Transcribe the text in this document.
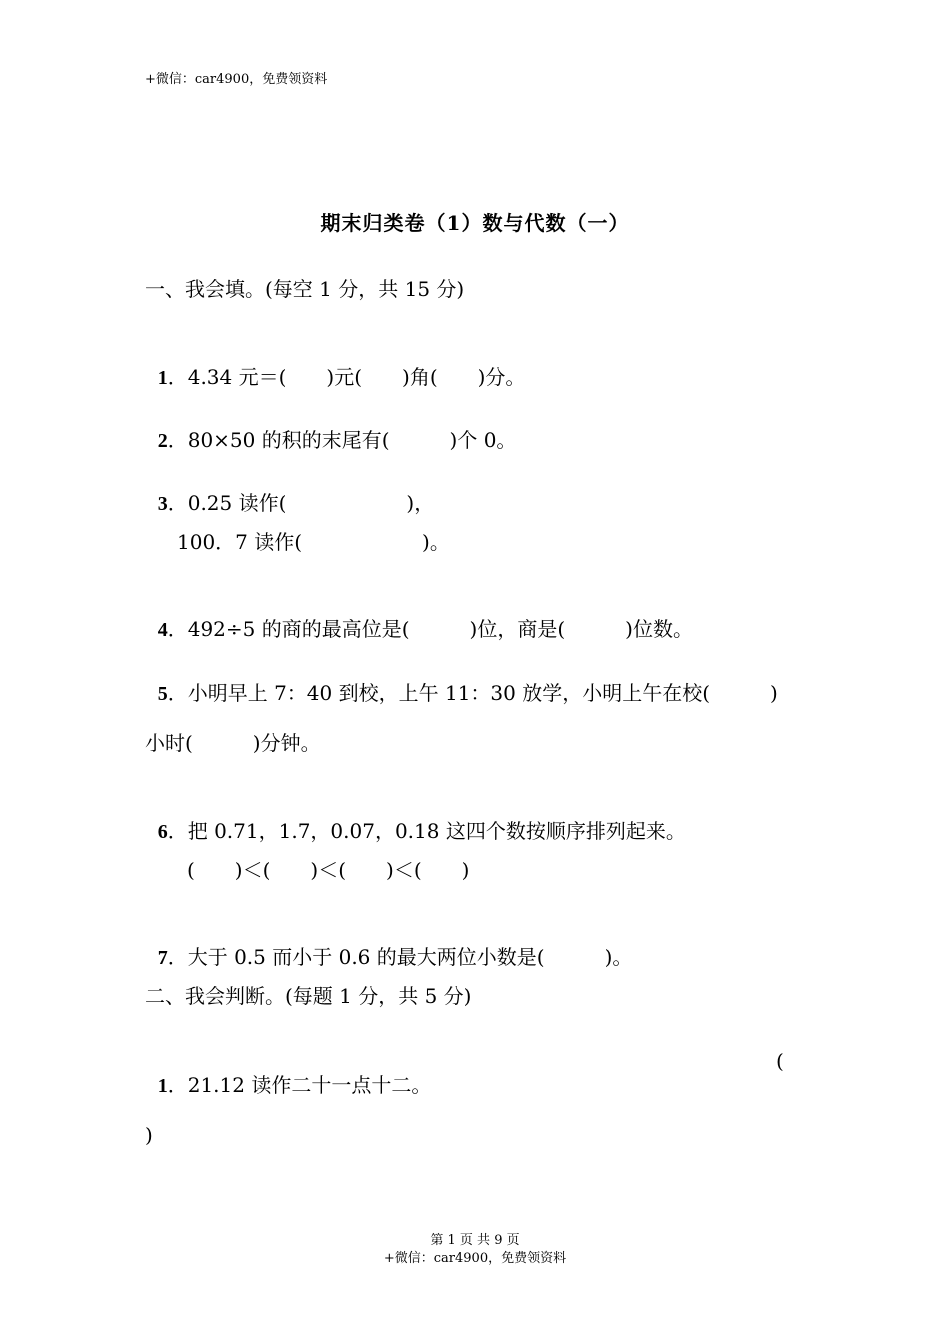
+微信：car4900，免费领资料
期末归类卷（1）数与代数（一）
一、我会填。(每空 1 分，共 15 分)

1．4.34 元＝(　　)元(　　)角(　　)分。

2．80×50 的积的末尾有(　　　)个 0。

3．0.25 读作(　　　　　　)，

100．7 读作(　　　　　　)。

4．492÷5 的商的最高位是(　　　)位，商是(　　　)位数。

5．小明早上 7：40 到校，上午 11：30 放学，小明上午在校(　　　)

小时(　　　)分钟。

6．把 0.71，1.7，0.07，0.18 这四个数按顺序排列起来。

(　　)＜(　　)＜(　　)＜(　　)

7．大于 0.5 而小于 0.6 的最大两位小数是(　　　)。

二、我会判断。(每题 1 分，共 5 分)

1．21.12 读作二十一点十二。

(
)
第 1 页 共 9 页
+微信：car4900，免费领资料
